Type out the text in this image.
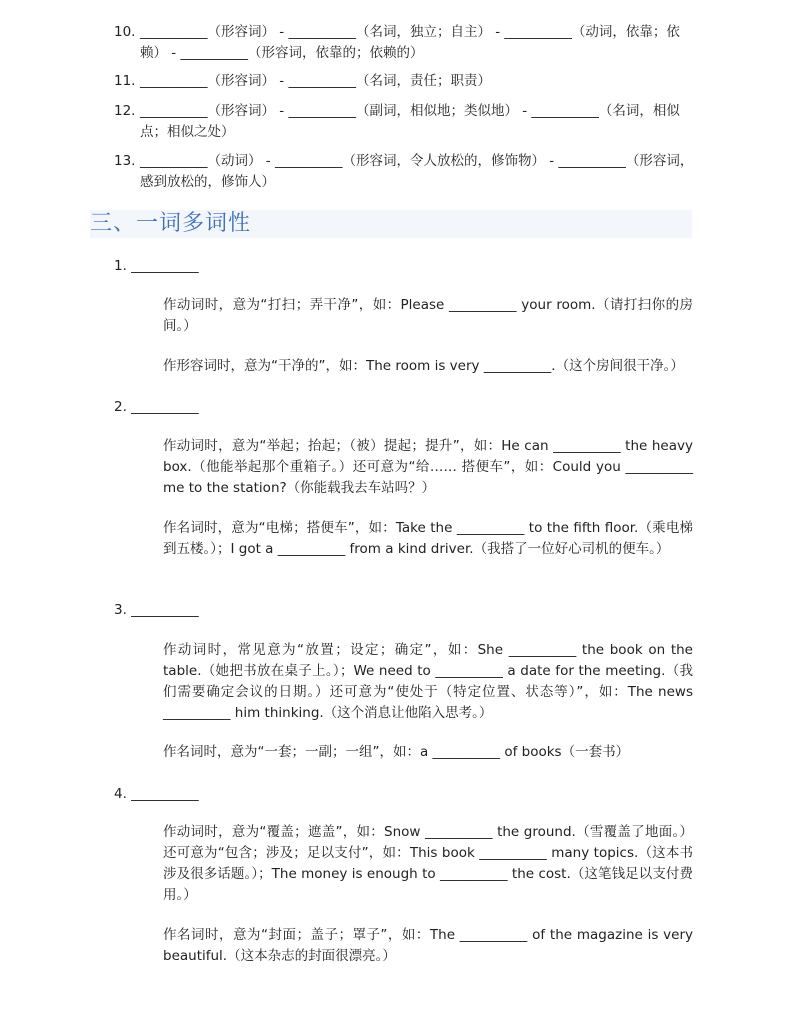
10. __________（形容词） - __________（名词，独立；自主） - __________（动词，依靠；依赖） - __________（形容词，依靠的；依赖的）
11. __________（形容词） - __________（名词，责任；职责）
12. __________（形容词） - __________（副词，相似地；类似地） - __________（名词，相似点；相似之处）
13. __________（动词） - __________（形容词，令人放松的，修饰物） - __________（形容词，感到放松的，修饰人）
三、一词多词性
1. __________
作动词时，意为“打扫；弄干净”，如：Please __________ your room.（请打扫你的房间。）
作形容词时，意为“干净的”，如：The room is very __________.（这个房间很干净。）
2. __________
作动词时，意为“举起；抬起；（被）提起；提升”，如：He can __________ the heavy box.（他能举起那个重箱子。）还可意为“给…… 搭便车”，如：Could you __________ me to the station?（你能载我去车站吗？）
作名词时，意为“电梯；搭便车”，如：Take the __________ to the fifth floor.（乘电梯到五楼。）；I got a __________ from a kind driver.（我搭了一位好心司机的便车。）
3. __________
作动词时，常见意为“放置；设定；确定”，如：She __________ the book on the table.（她把书放在桌子上。）；We need to __________ a date for the meeting.（我们需要确定会议的日期。）还可意为“使处于（特定位置、状态等）”，如：The news __________ him thinking.（这个消息让他陷入思考。）
作名词时，意为“一套；一副；一组”，如：a __________ of books（一套书）
4. __________
作动词时，意为“覆盖；遮盖”，如：Snow __________ the ground.（雪覆盖了地面。）还可意为“包含；涉及；足以支付”，如：This book __________ many topics.（这本书涉及很多话题。）；The money is enough to __________ the cost.（这笔钱足以支付费用。）
作名词时，意为“封面；盖子；罩子”，如：The __________ of the magazine is very beautiful.（这本杂志的封面很漂亮。）
